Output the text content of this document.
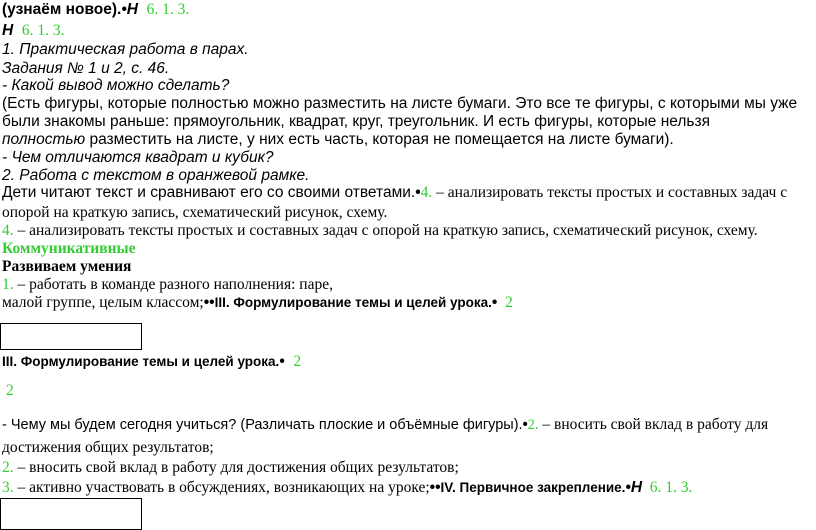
(узнаём новое).•Н 6. 1. 3.
Н 6. 1. 3.
1. Практическая работа в парах.
Задания № 1 и 2, с. 46.
- Какой вывод можно сделать?
(Есть фигуры, которые полностью можно разместить на листе бумаги. Это все те фигуры, с которыми мы уже
были знакомы раньше: прямоугольник, квадрат, круг, треугольник. И есть фигуры, которые нельзя
полностью разместить на листе, у них есть часть, которая не помещается на листе бумаги).
- Чем отличаются квадрат и кубик?
2. Работа с текстом в оранжевой рамке.
Дети читают текст и сравнивают его со своими ответами.•4. – анализировать тексты простых и составных задач с
опорой на краткую запись, схематический рисунок, схему.
4. – анализировать тексты простых и составных задач с опорой на краткую запись, схематический рисунок, схему.
Коммуникативные
Развиваем умения
1. – работать в команде разного наполнения: паре,
малой группе, целым классом;••III. Формулирование темы и целей урока.• 2
III. Формулирование темы и целей урока.• 2
2
- Чему мы будем сегодня учиться? (Различать плоские и объёмные фигуры).•2. – вносить свой вклад в работу для
достижения общих результатов;
2. – вносить свой вклад в работу для достижения общих результатов;
3. – активно участвовать в обсуждениях, возникающих на уроке;••IV. Первичное закрепление.•Н 6. 1. 3.
